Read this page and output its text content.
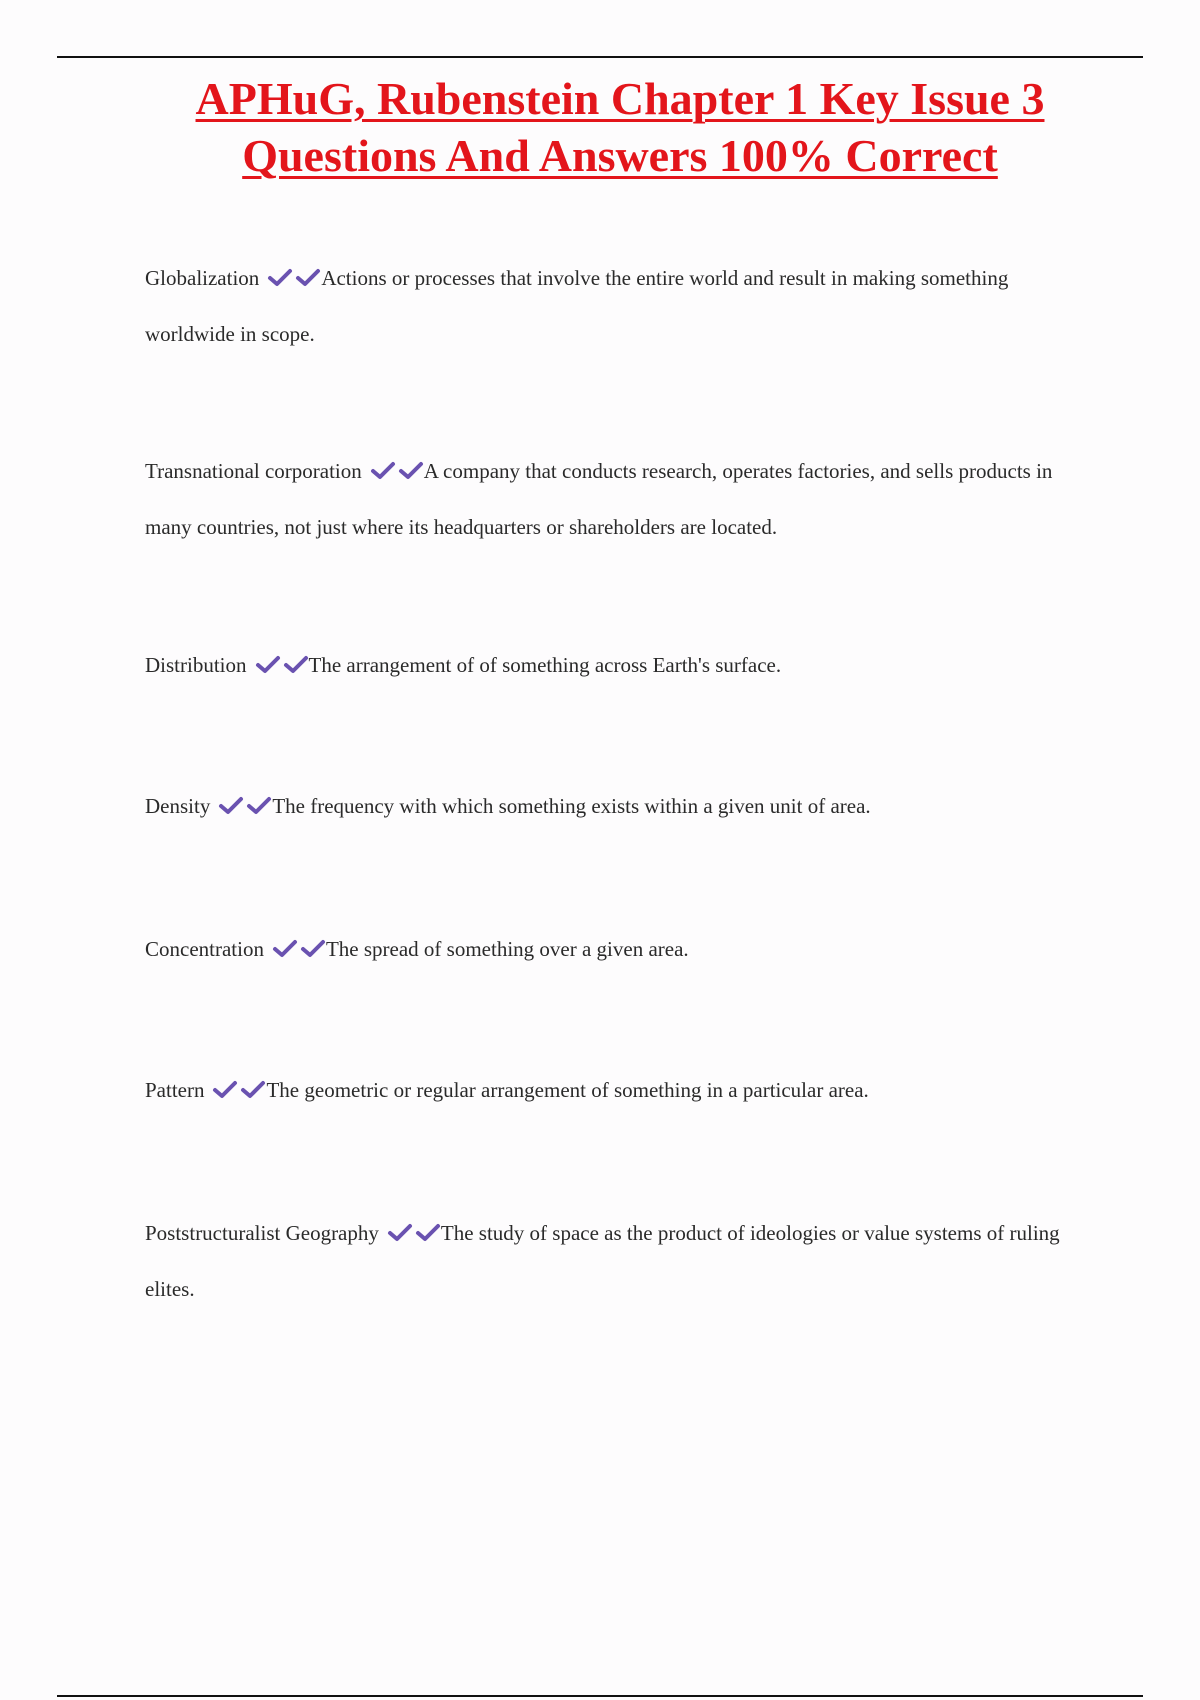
APHuG, Rubenstein Chapter 1 Key Issue 3
Questions And Answers 100% Correct
Globalization	Actions or processes that involve the entire world and result in making something worldwide in scope.
Transnational corporation	A company that conducts research, operates factories, and sells products in many countries, not just where its headquarters or shareholders are located.
Distribution	The arrangement of of something across Earth's surface.
Density	The frequency with which something exists within a given unit of area.
Concentration	The spread of something over a given area.
Pattern	The geometric or regular arrangement of something in a particular area.
Poststructuralist Geography	The study of space as the product of ideologies or value systems of ruling elites.
